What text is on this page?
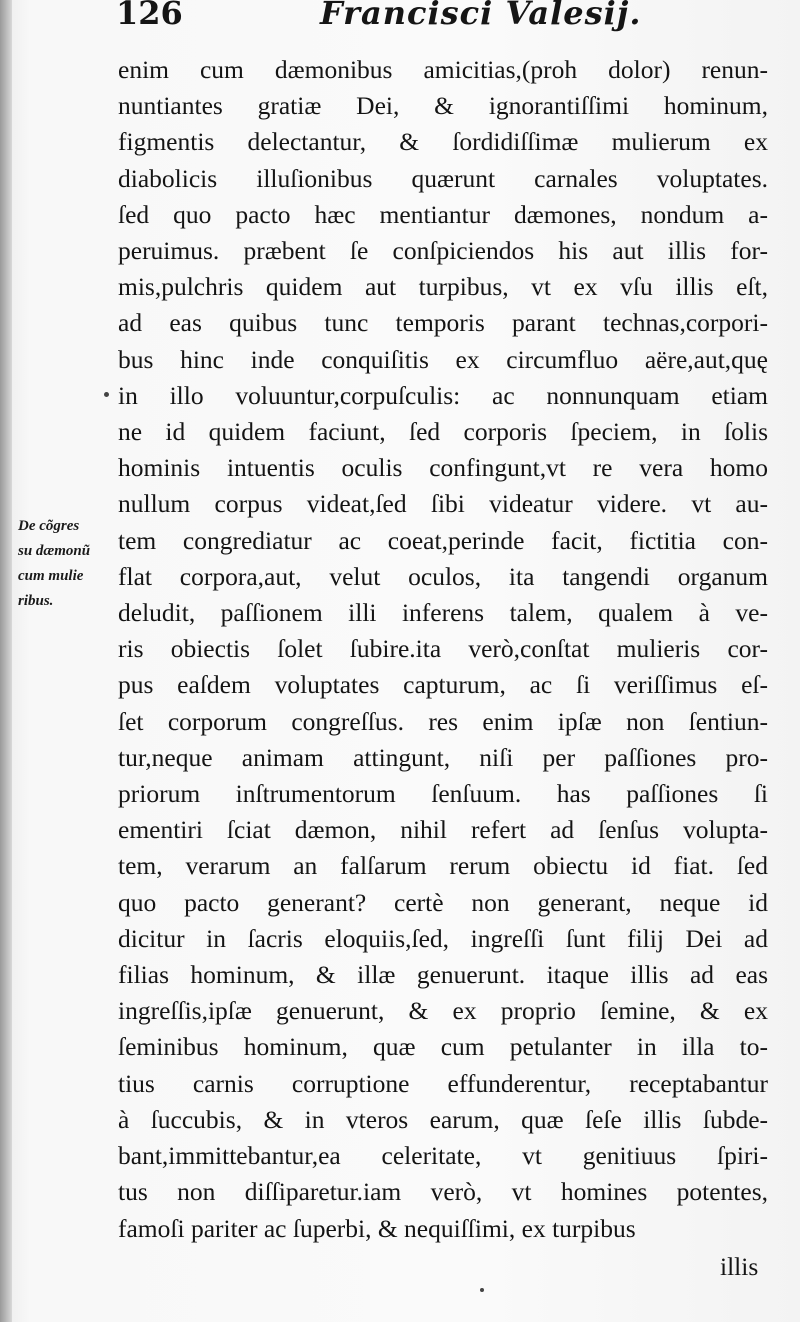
126	Francisci Valesij.
De cõgres
su dæmonũ
cum mulie
ribus.
enim cum dæmonibus amicitias,(proh dolor) renun-
nuntiantes gratiæ Dei, & ignorantiſſimi hominum,
figmentis delectantur, & ſordidiſſimæ mulierum ex
diabolicis illuſionibus quærunt carnales voluptates.
ſed quo pacto hæc mentiantur dæmones, nondum a-
peruimus. præbent ſe conſpiciendos his aut illis for-
mis,pulchris quidem aut turpibus, vt ex vſu illis eſt,
ad eas quibus tunc temporis parant technas,corpori-
bus hinc inde conquiſitis ex circumfluo aëre,aut,quę
in illo voluuntur,corpuſculis: ac nonnunquam etiam
ne id quidem faciunt, ſed corporis ſpeciem, in ſolis
hominis intuentis oculis confingunt,vt re vera homo
nullum corpus videat,ſed ſibi videatur videre. vt au-
tem congrediatur ac coeat,perinde facit, fictitia con-
flat corpora,aut, velut oculos, ita tangendi organum
deludit, paſſionem illi inferens talem, qualem à ve-
ris obiectis ſolet ſubire.ita verò,conſtat mulieris cor-
pus eaſdem voluptates capturum, ac ſi veriſſimus eſ-
ſet corporum congreſſus. res enim ipſæ non ſentiun-
tur,neque animam attingunt, niſi per paſſiones pro-
priorum inſtrumentorum ſenſuum. has paſſiones ſi
ementiri ſciat dæmon, nihil refert ad ſenſus volupta-
tem, verarum an falſarum rerum obiectu id fiat. ſed
quo pacto generant? certè non generant, neque id
dicitur in ſacris eloquiis,ſed, ingreſſi ſunt filij Dei ad
filias hominum, & illæ genuerunt. itaque illis ad eas
ingreſſis,ipſæ genuerunt, & ex proprio ſemine, & ex
ſeminibus hominum, quæ cum petulanter in illa to-
tius carnis corruptione effunderentur, receptabantur
à ſuccubis, & in vteros earum, quæ ſeſe illis ſubde-
bant,immittebantur,ea celeritate, vt genitiuus ſpiri-
tus non diſſiparetur.iam verò, vt homines potentes,
famoſi pariter ac ſuperbi, & nequiſſimi, ex turpibus
illis
